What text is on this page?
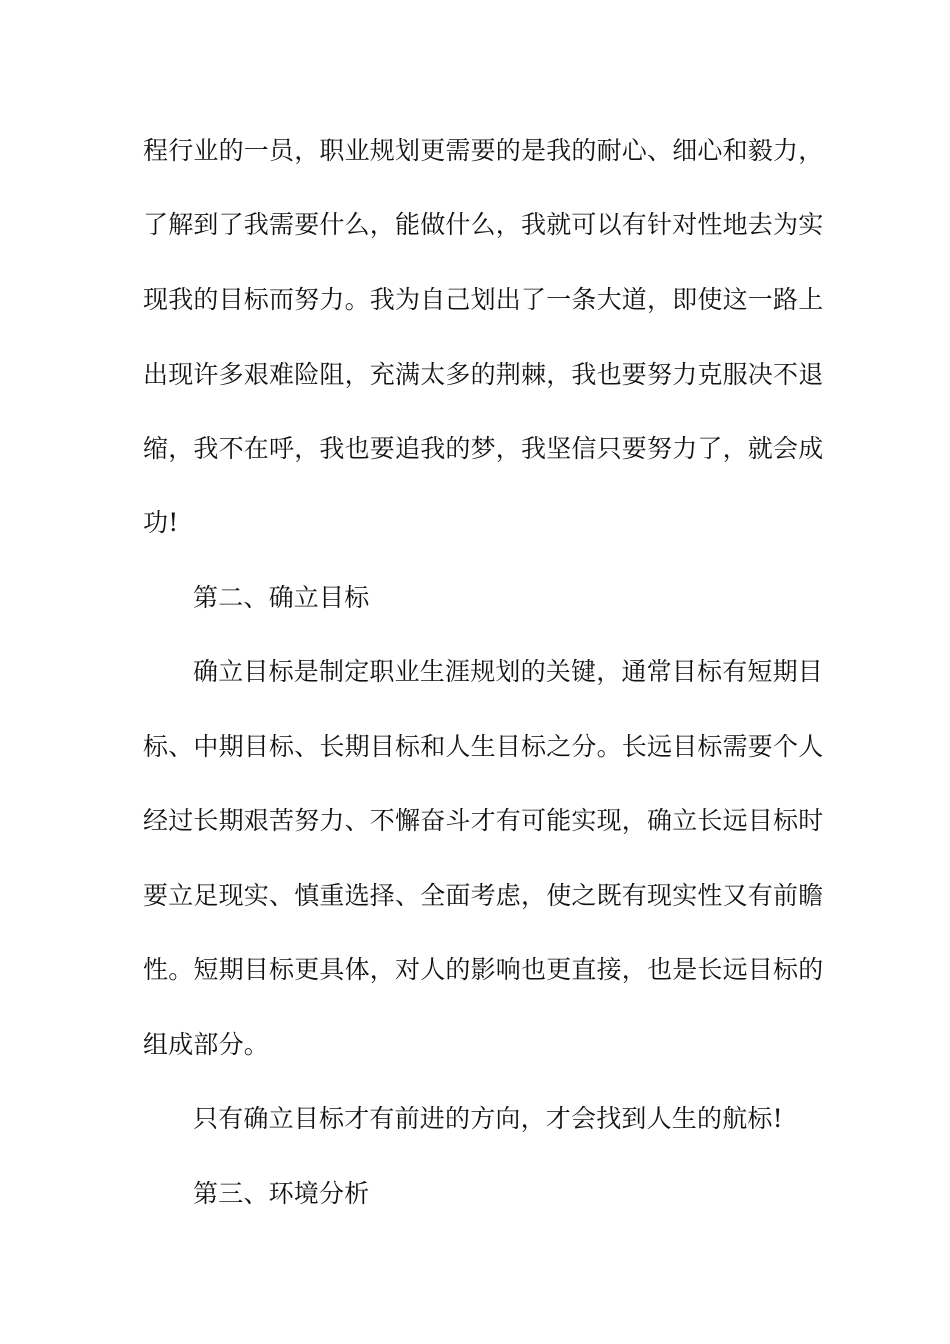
程行业的一员，职业规划更需要的是我的耐心、细心和毅力，
了解到了我需要什么，能做什么，我就可以有针对性地去为实
现我的目标而努力。我为自己划出了一条大道，即使这一路上
出现许多艰难险阻，充满太多的荆棘，我也要努力克服决不退
缩，我不在呼，我也要追我的梦，我坚信只要努力了，就会成
功!
第二、确立目标
确立目标是制定职业生涯规划的关键，通常目标有短期目
标、中期目标、长期目标和人生目标之分。长远目标需要个人
经过长期艰苦努力、不懈奋斗才有可能实现，确立长远目标时
要立足现实、慎重选择、全面考虑，使之既有现实性又有前瞻
性。短期目标更具体，对人的影响也更直接，也是长远目标的
组成部分。
只有确立目标才有前进的方向，才会找到人生的航标!
第三、环境分析
